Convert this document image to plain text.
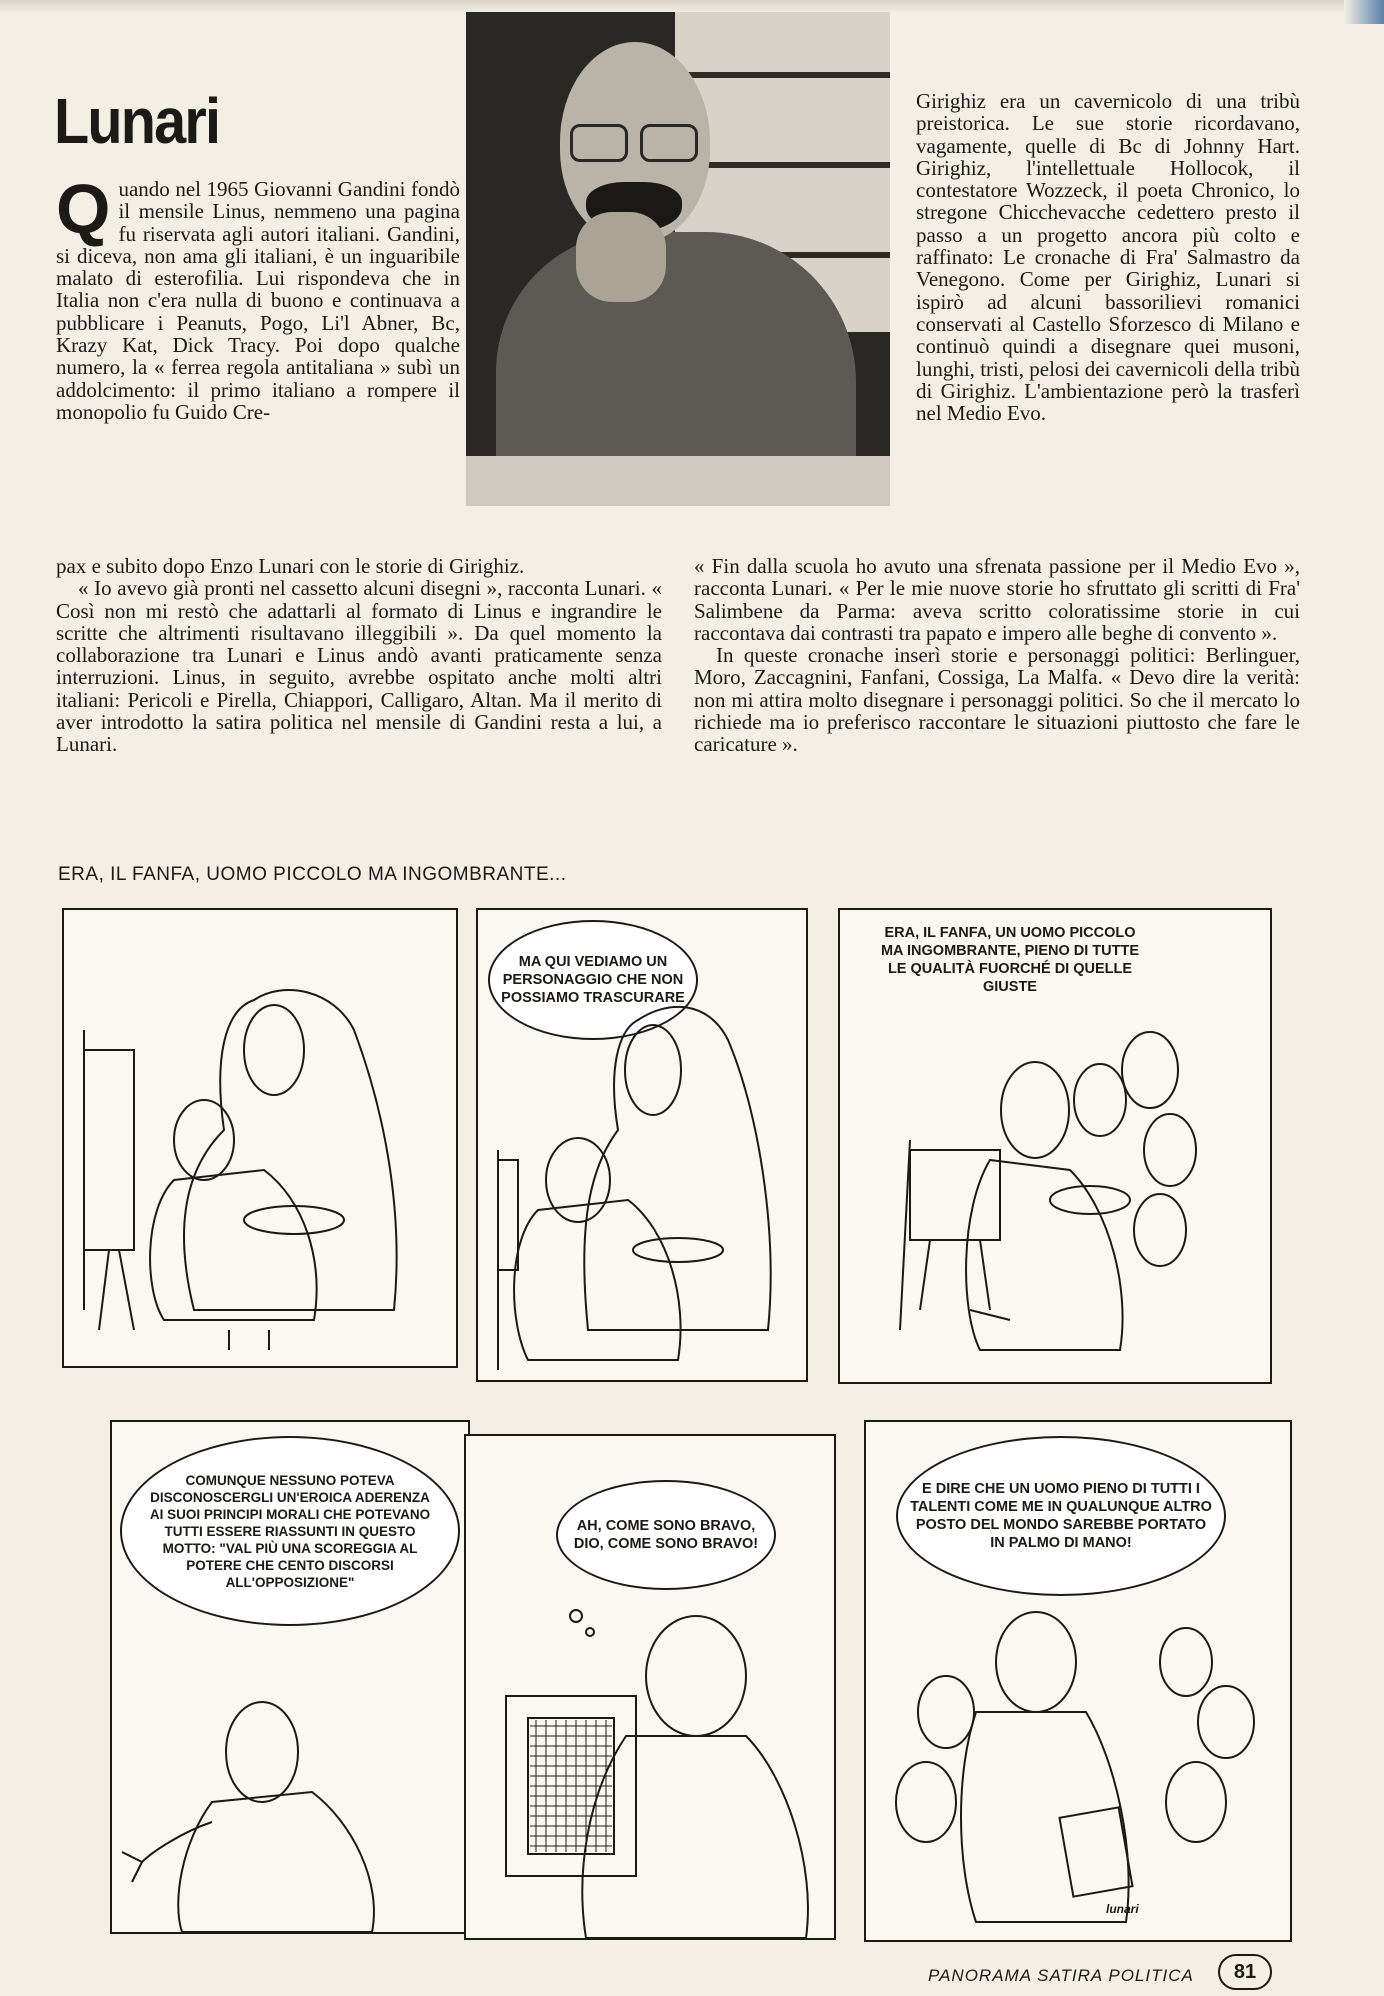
Lunari
Q uando nel 1965 Giovanni Gandini fondò il mensile Linus, nemmeno una pagina fu riservata agli autori italiani. Gandini, si diceva, non ama gli italiani, è un inguaribile malato di esterofilia. Lui rispondeva che in Italia non c'era nulla di buono e continuava a pubblicare i Peanuts, Pogo, Li'l Abner, Bc, Krazy Kat, Dick Tracy. Poi dopo qualche numero, la « ferrea regola antitaliana » subì un addolcimento: il primo italiano a rompere il monopolio fu Guido Cre-

Girighiz era un cavernicolo di una tribù preistorica. Le sue storie ricordavano, vagamente, quelle di Bc di Johnny Hart. Girighiz, l'intellettuale Hollocok, il contestatore Wozzeck, il poeta Chronico, lo stregone Chicchevacche cedettero presto il passo a un progetto ancora più colto e raffinato: Le cronache di Fra' Salmastro da Venegono. Come per Girighiz, Lunari si ispirò ad alcuni bassorilievi romanici conservati al Castello Sforzesco di Milano e continuò quindi a disegnare quei musoni, lunghi, tristi, pelosi dei cavernicoli della tribù di Girighiz. L'ambientazione però la trasferì nel Medio Evo.

pax e subito dopo Enzo Lunari con le storie di Girighiz.

« Io avevo già pronti nel cassetto alcuni disegni », racconta Lunari. « Così non mi restò che adattarli al formato di Linus e ingrandire le scritte che altrimenti risultavano illeggibili ». Da quel momento la collaborazione tra Lunari e Linus andò avanti praticamente senza interruzioni. Linus, in seguito, avrebbe ospitato anche molti altri italiani: Pericoli e Pirella, Chiappori, Calligaro, Altan. Ma il merito di aver introdotto la satira politica nel mensile di Gandini resta a lui, a Lunari.

« Fin dalla scuola ho avuto una sfrenata passione per il Medio Evo », racconta Lunari. « Per le mie nuove storie ho sfruttato gli scritti di Fra' Salimbene da Parma: aveva scritto coloratissime storie in cui raccontava dai contrasti tra papato e impero alle beghe di convento ».

In queste cronache inserì storie e personaggi politici: Berlinguer, Moro, Zaccagnini, Fanfani, Cossiga, La Malfa. « Devo dire la verità: non mi attira molto disegnare i personaggi politici. So che il mercato lo richiede ma io preferisco raccontare le situazioni piuttosto che fare le caricature ».

ERA, IL FANFA, UOMO PICCOLO MA INGOMBRANTE...

MA QUI VEDIAMO UN PERSONAGGIO CHE NON POSSIAMO TRASCURARE
ERA, IL FANFA, UN UOMO PICCOLO MA INGOMBRANTE, PIENO DI TUTTE LE QUALITÀ FUORCHÉ DI QUELLE GIUSTE
COMUNQUE NESSUNO POTEVA DISCONOSCERGLI UN'EROICA ADERENZA AI SUOI PRINCIPI MORALI CHE POTEVANO TUTTI ESSERE RIASSUNTI IN QUESTO MOTTO: "VAL PIÙ UNA SCOREGGIA AL POTERE CHE CENTO DISCORSI ALL'OPPOSIZIONE"
AH, COME SONO BRAVO, DIO, COME SONO BRAVO!
E DIRE CHE UN UOMO PIENO DI TUTTI I TALENTI COME ME IN QUALUNQUE ALTRO POSTO DEL MONDO SAREBBE PORTATO IN PALMO DI MANO!
lunari

PANORAMA SATIRA POLITICA	81
